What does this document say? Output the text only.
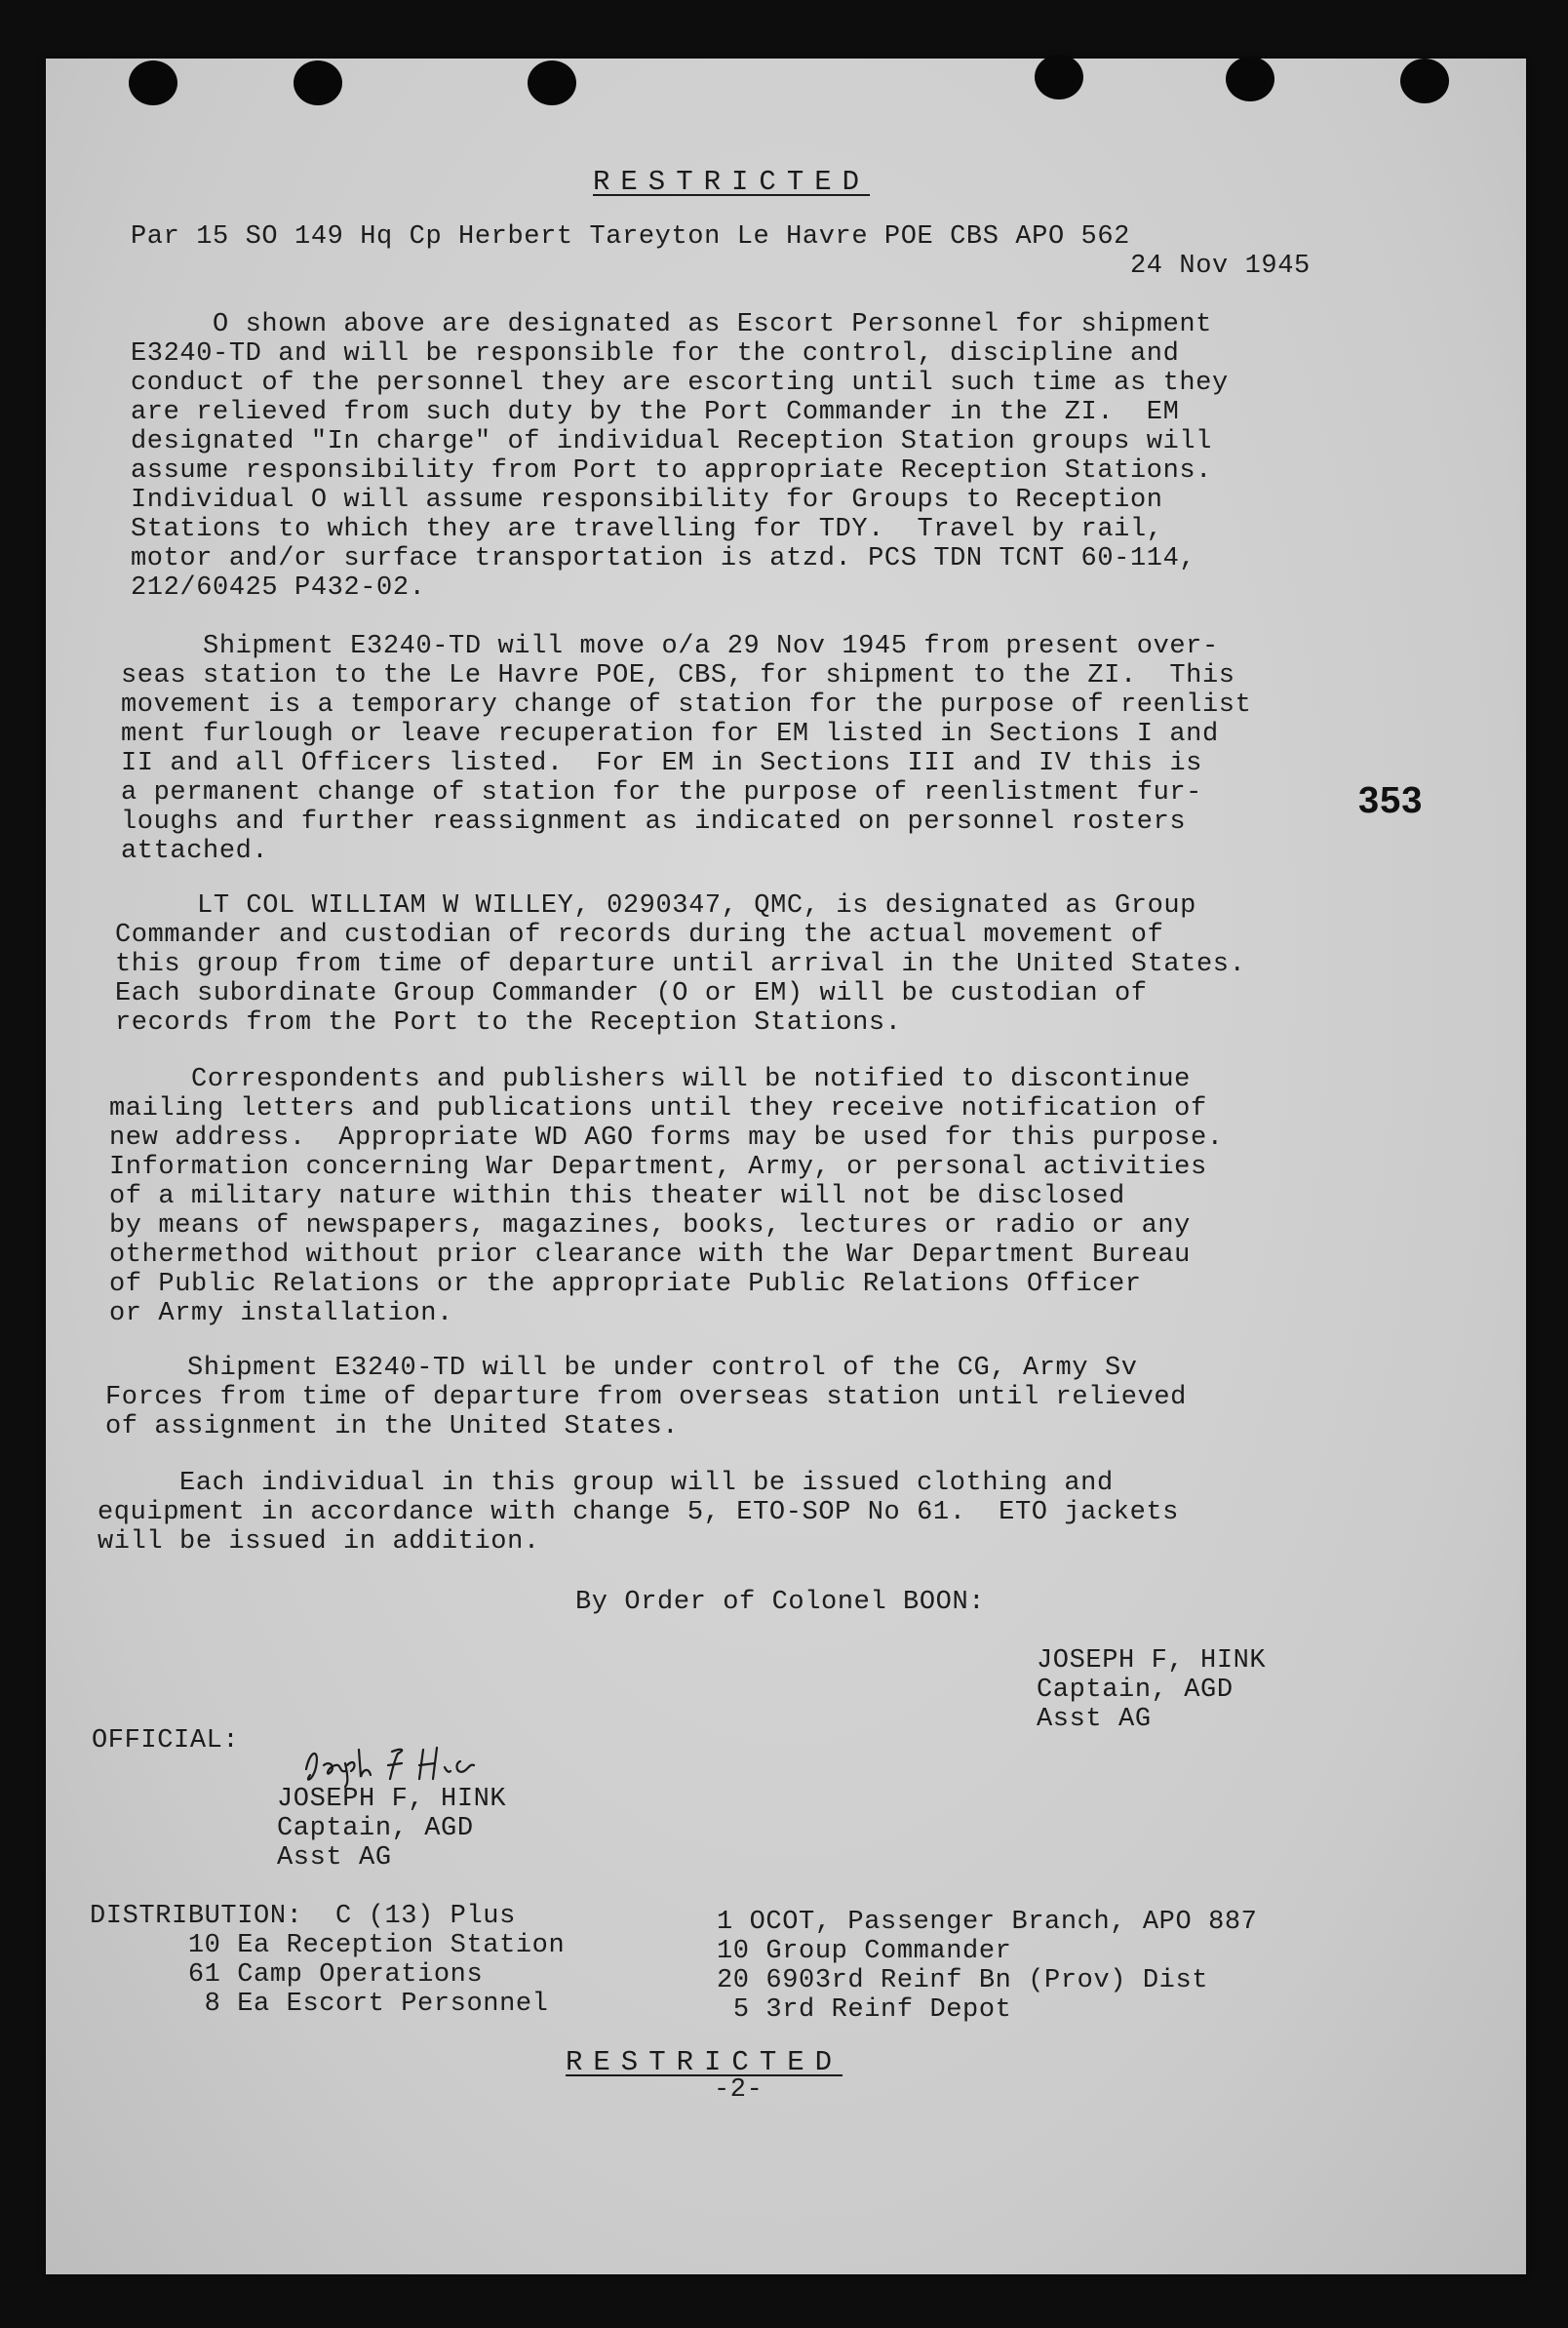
RESTRICTED
Par 15 SO 149 Hq Cp Herbert Tareyton Le Havre POE CBS APO 562
24 Nov 1945
O shown above are designated as Escort Personnel for shipment
E3240-TD and will be responsible for the control, discipline and
conduct of the personnel they are escorting until such time as they
are relieved from such duty by the Port Commander in the ZI.  EM
designated "In charge" of individual Reception Station groups will
assume responsibility from Port to appropriate Reception Stations.
Individual O will assume responsibility for Groups to Reception
Stations to which they are travelling for TDY.  Travel by rail,
motor and/or surface transportation is atzd. PCS TDN TCNT 60-114,
212/60425 P432-02.
Shipment E3240-TD will move o/a 29 Nov 1945 from present over-
seas station to the Le Havre POE, CBS, for shipment to the ZI.  This
movement is a temporary change of station for the purpose of reenlist
ment furlough or leave recuperation for EM listed in Sections I and
II and all Officers listed.  For EM in Sections III and IV this is
a permanent change of station for the purpose of reenlistment fur-
loughs and further reassignment as indicated on personnel rosters
attached.
353
LT COL WILLIAM W WILLEY, 0290347, QMC, is designated as Group
Commander and custodian of records during the actual movement of
this group from time of departure until arrival in the United States.
Each subordinate Group Commander (O or EM) will be custodian of
records from the Port to the Reception Stations.
Correspondents and publishers will be notified to discontinue
mailing letters and publications until they receive notification of
new address.  Appropriate WD AGO forms may be used for this purpose.
Information concerning War Department, Army, or personal activities
of a military nature within this theater will not be disclosed
by means of newspapers, magazines, books, lectures or radio or any
othermethod without prior clearance with the War Department Bureau
of Public Relations or the appropriate Public Relations Officer
or Army installation.
Shipment E3240-TD will be under control of the CG, Army Sv
Forces from time of departure from overseas station until relieved
of assignment in the United States.
Each individual in this group will be issued clothing and
equipment in accordance with change 5, ETO-SOP No 61.  ETO jackets
will be issued in addition.
By Order of Colonel BOON:
JOSEPH F, HINK
Captain, AGD
Asst AG
OFFICIAL:
JOSEPH F, HINK
Captain, AGD
Asst AG
DISTRIBUTION:  C (13) Plus
10 Ea Reception Station
61 Camp Operations
8 Ea Escort Personnel
1 OCOT, Passenger Branch, APO 887
10 Group Commander
20 6903rd Reinf Bn (Prov) Dist
5 3rd Reinf Depot
RESTRICTED
-2-
